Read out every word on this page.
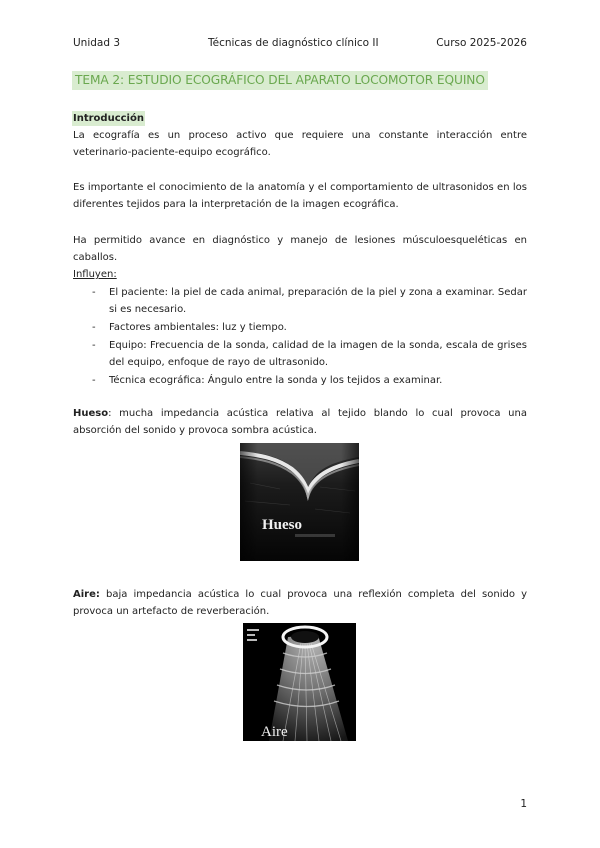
Unidad 3	Técnicas de diagnóstico clínico II	Curso 2025-2026
TEMA 2: ESTUDIO ECOGRÁFICO DEL APARATO LOCOMOTOR EQUINO
Introducción
La ecografía es un proceso activo que requiere una constante interacción entre veterinario-paciente-equipo ecográfico.
Es importante el conocimiento de la anatomía y el comportamiento de ultrasonidos en los diferentes tejidos para la interpretación de la imagen ecográfica.
Ha permitido avance en diagnóstico y manejo de lesiones músculoesqueléticas en caballos.
Influyen:
- El paciente: la piel de cada animal, preparación de la piel y zona a examinar. Sedar si es necesario.
- Factores ambientales: luz y tiempo.
- Equipo: Frecuencia de la sonda, calidad de la imagen de la sonda, escala de grises del equipo, enfoque de rayo de ultrasonido.
- Técnica ecográfica: Ángulo entre la sonda y los tejidos a examinar.
Hueso: mucha impedancia acústica relativa al tejido blando lo cual provoca una absorción del sonido y provoca sombra acústica.
Hueso
Aire: baja impedancia acústica lo cual provoca una reflexión completa del sonido y provoca un artefacto de reverberación.
Aire
1
